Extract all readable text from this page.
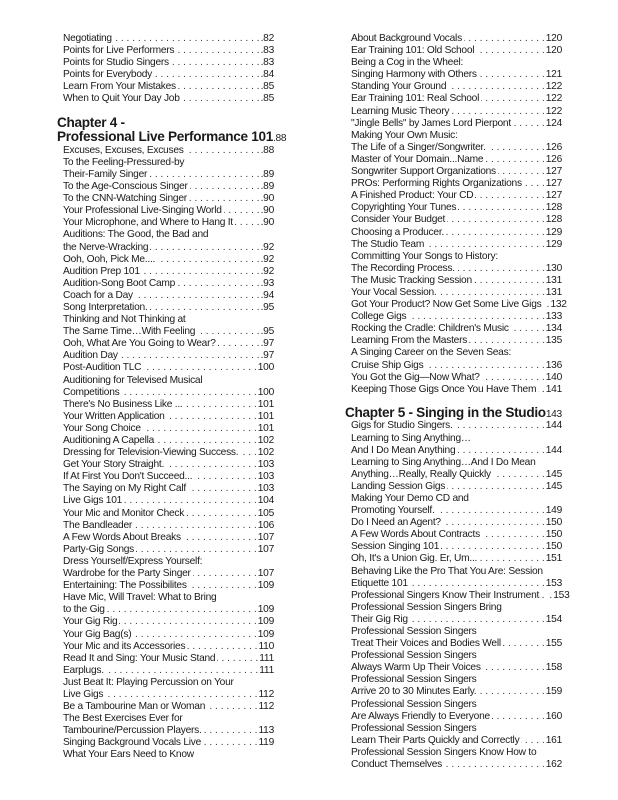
Negotiating . . .	.82
Points for Live Performers . . .	.83
Points for Studio Singers . . .	.83
Points for Everybody . . .	.84
Learn From Your Mistakes . . .	.85
When to Quit Your Day Job . . .	.85
Chapter 4 -
Professional Live Performance 101 .88
Excuses, Excuses, Excuses . . .	.88
To the Feeling-Pressured-by
Their-Family Singer . . .	.89
To the Age-Conscious Singer . . .	.89
To the CNN-Watching Singer . . .	.90
Your Professional Live-Singing World . . .	.90
Your Microphone, and Where to Hang It . . .	.90
Auditions: The Good, the Bad and
the Nerve-Wracking . . .	.92
Ooh, Ooh, Pick Me.... . . .	.92
Audition Prep 101 . . .	.92
Audition-Song Boot Camp . . .	.93
Coach for a Day . . .	.94
Song Interpretation. . . .	.95
Thinking and Not Thinking at
The Same Time…With Feeling . . .	.95
Ooh, What Are You Going to Wear? . . .	.97
Audition Day . . .	.97
Post-Audition TLC . . .	100
Auditioning for Televised Musical
Competitions . . .	100
There's No Business Like ... . . .	101
Your Written Application . . .	101
Your Song Choice . . .	101
Auditioning A Capella . . .	102
Dressing for Television-Viewing Success. . . . 102
Get Your Story Straight. . . .	103
If At First You Don't Succeed... . . .	103
The Saying on My Right Calf . . .	103
Live Gigs 101 . . .	104
Your Mic and Monitor Check . . .	105
The Bandleader . . .	106
A Few Words About Breaks . . .	107
Party-Gig Songs . . .	107
Dress Yourself/Express Yourself:
Wardrobe for the Party Singer . . .	107
Entertaining: The Possibilites . . .	109
Have Mic, Will Travel: What to Bring
to the Gig . . .	109
Your Gig Rig . . .	109
Your Gig Bag(s) . . .	109
Your Mic and its Accessories . . .	110
Read It and Sing: Your Music Stand . . .	111
Earplugs. . . .	111
Just Beat It: Playing Percussion on Your
Live Gigs . . .	112
Be a Tambourine Man or Woman . . .	112
The Best Exercises Ever for
Tambourine/Percussion Players. . . .	113
Singing Background Vocals Live . . .	119
What Your Ears Need to Know
About Background Vocals . . .	120
Ear Training 101: Old School . . .	120
Being a Cog in the Wheel:
Singing Harmony with Others . . .	121
Standing Your Ground . . .	122
Ear Training 101: Real School . . .	122
Learning Music Theory . . .	122
"Jingle Bells" by James Lord Pierpont . . .	124
Making Your Own Music:
The Life of a Singer/Songwriter. . . .	126
Master of Your Domain...Name . . .	126
Songwriter Support Organizations . . .	127
PROs: Performing Rights Organizations . . . 127
A Finished Product: Your CD . . .	127
Copyrighting Your Tunes . . .	128
Consider Your Budget . . .	128
Choosing a Producer. . . .	129
The Studio Team . . .	129
Committing Your Songs to History:
The Recording Process. . . .	130
The Music Tracking Session . . .	131
Your Vocal Session. . . .	131
Got Your Product? Now Get Some Live Gigs . . . 132
College Gigs . . .	133
Rocking the Cradle: Children's Music . . .	134
Learning From the Masters . . .	135
A Singing Career on the Seven Seas:
Cruise Ship Gigs . . .	136
You Got the Gig—Now What? . . .	140
Keeping Those Gigs Once You Have Them . . . 141
Chapter 5 - Singing in the Studio 143
Gigs for Studio Singers. . . .	144
Learning to Sing Anything…
And I Do Mean Anything . . .	144
Learning to Sing Anything…And I Do Mean
Anything…Really, Really Quickly . . .	145
Landing Session Gigs . . .	145
Making Your Demo CD and
Promoting Yourself. . . .	149
Do I Need an Agent? . . .	150
A Few Words About Contracts . . .	150
Session Singing 101 . . .	150
Oh, It's a Union Gig. Er, Um... . . .	151
Behaving Like the Pro That You Are: Session
Etiquette 101 . . .	153
Professional Singers Know Their Instrument . . . . 153
Professional Session Singers Bring
Their Gig Rig . . .	154
Professional Session Singers
Treat Their Voices and Bodies Well . . .	155
Professional Session Singers
Always Warm Up Their Voices . . .	158
Professional Session Singers
Arrive 20 to 30 Minutes Early. . . .	159
Professional Session Singers
Are Always Friendly to Everyone . . .	160
Professional Session Singers
Learn Their Parts Quickly and Correctly . . .	161
Professional Session Singers Know How to
Conduct Themselves . . .	162
